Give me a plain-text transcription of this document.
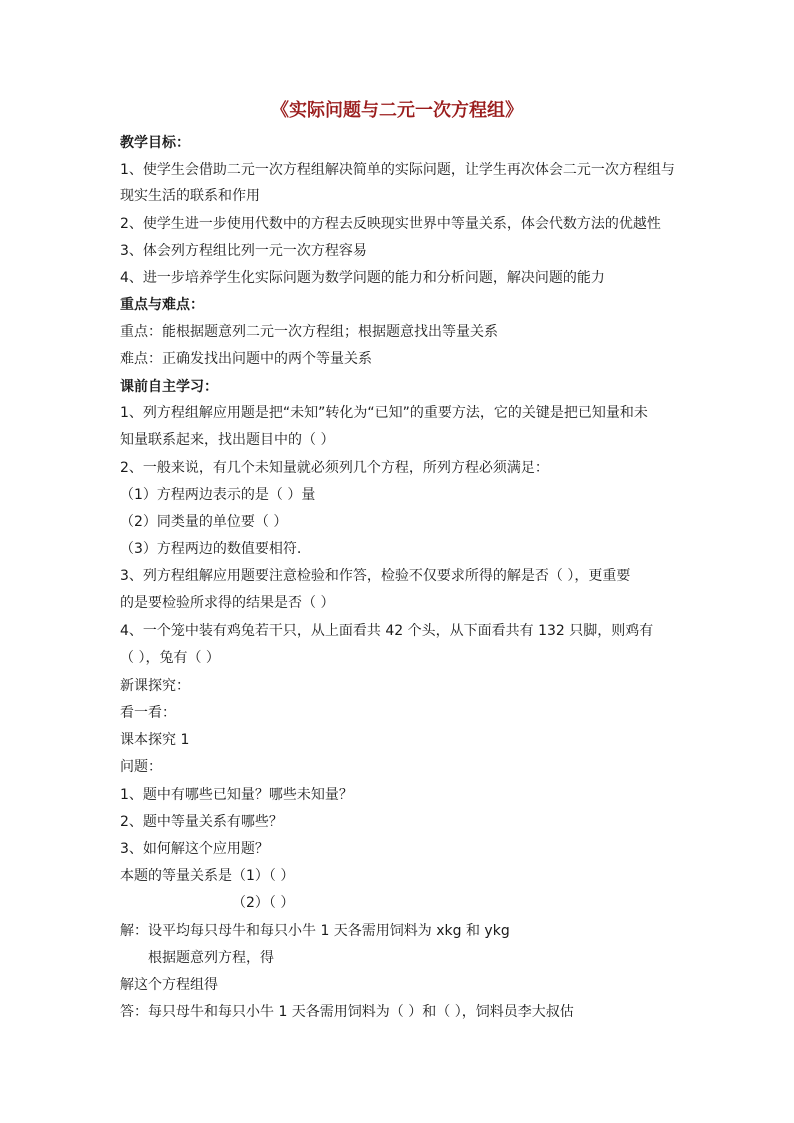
《实际问题与二元一次方程组》
教学目标：
1、使学生会借助二元一次方程组解决简单的实际问题，让学生再次体会二元一次方程组与
现实生活的联系和作用
2、使学生进一步使用代数中的方程去反映现实世界中等量关系，体会代数方法的优越性
3、体会列方程组比列一元一次方程容易
4、进一步培养学生化实际问题为数学问题的能力和分析问题，解决问题的能力
重点与难点：
重点：能根据题意列二元一次方程组；根据题意找出等量关系
难点：正确发找出问题中的两个等量关系
课前自主学习：
1、列方程组解应用题是把“未知”转化为“已知”的重要方法，它的关键是把已知量和未
知量联系起来，找出题目中的（ ）
2、一般来说，有几个未知量就必须列几个方程，所列方程必须满足：
（1）方程两边表示的是（ ）量
（2）同类量的单位要（ ）
（3）方程两边的数值要相符.
3、列方程组解应用题要注意检验和作答，检验不仅要求所得的解是否（ ），更重要
的是要检验所求得的结果是否（ ）
4、一个笼中装有鸡兔若干只，从上面看共 42 个头，从下面看共有 132 只脚，则鸡有
（ ），兔有（ ）
新课探究：
看一看：
课本探究 1
问题：
1、题中有哪些已知量？哪些未知量？
2、题中等量关系有哪些？
3、如何解这个应用题？
本题的等量关系是（1）（ ）
（2）（ ）
解：设平均每只母牛和每只小牛 1 天各需用饲料为 xkg 和 ykg
根据题意列方程，得
解这个方程组得
答：每只母牛和每只小牛 1 天各需用饲料为（ ）和（ ），饲料员李大叔估
